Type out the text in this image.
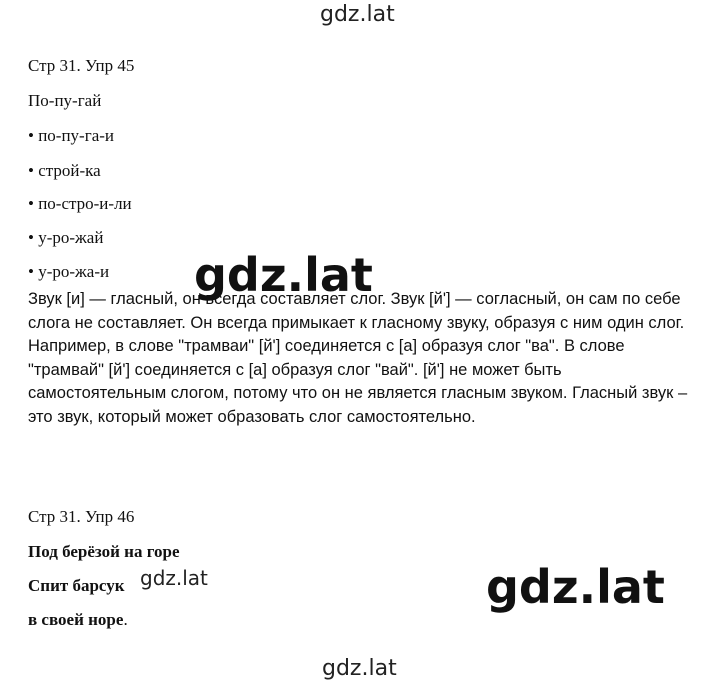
gdz.lat
Стр 31. Упр 45
По-пу-гай
• по-пу-га-и
• строй-ка
• по-стро-и-ли
• у-ро-жай
• у-ро-жа-и
Звук [и] — гласный, он всегда составляет слог. Звук [й'] — согласный, он сам по себе слога не составляет. Он всегда примыкает к гласному звуку, образуя с ним один слог. Например, в слове "трамваи" [й'] соединяется с [а] образуя слог "ва". В слове "трамвай" [й'] соединяется с [а] образуя слог "вай". [й'] не может быть самостоятельным слогом, потому что он не является гласным звуком. Гласный звук – это звук, который может образовать слог самостоятельно.
gdz.lat
Стр 31. Упр 46
Под берёзой на горе
Спит барсук
в своей норе.
gdz.lat	gdz.lat
gdz.lat
